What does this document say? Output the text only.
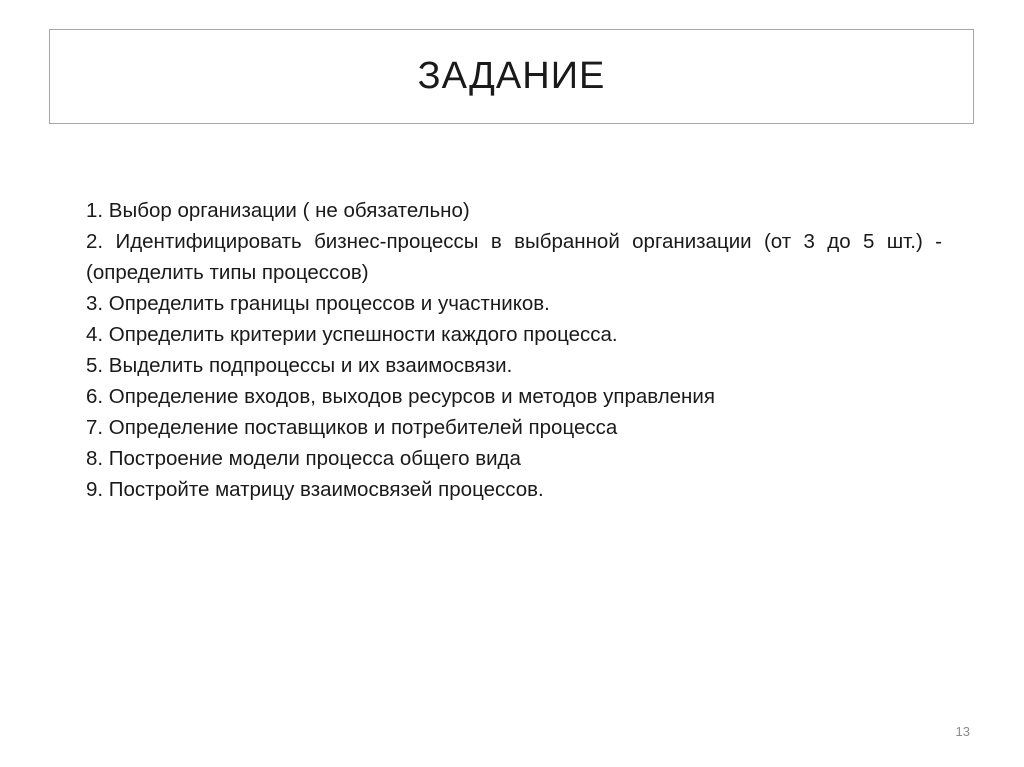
ЗАДАНИЕ
1. Выбор организации ( не обязательно)
2. Идентифицировать бизнес-процессы в выбранной организации (от 3 до 5 шт.) - (определить типы процессов)
3. Определить границы процессов и участников.
4. Определить критерии успешности каждого процесса.
5. Выделить подпроцессы и их взаимосвязи.
6. Определение входов, выходов ресурсов и методов управления
7. Определение поставщиков и потребителей процесса
8. Построение модели процесса общего вида
9. Постройте матрицу взаимосвязей процессов.
13
